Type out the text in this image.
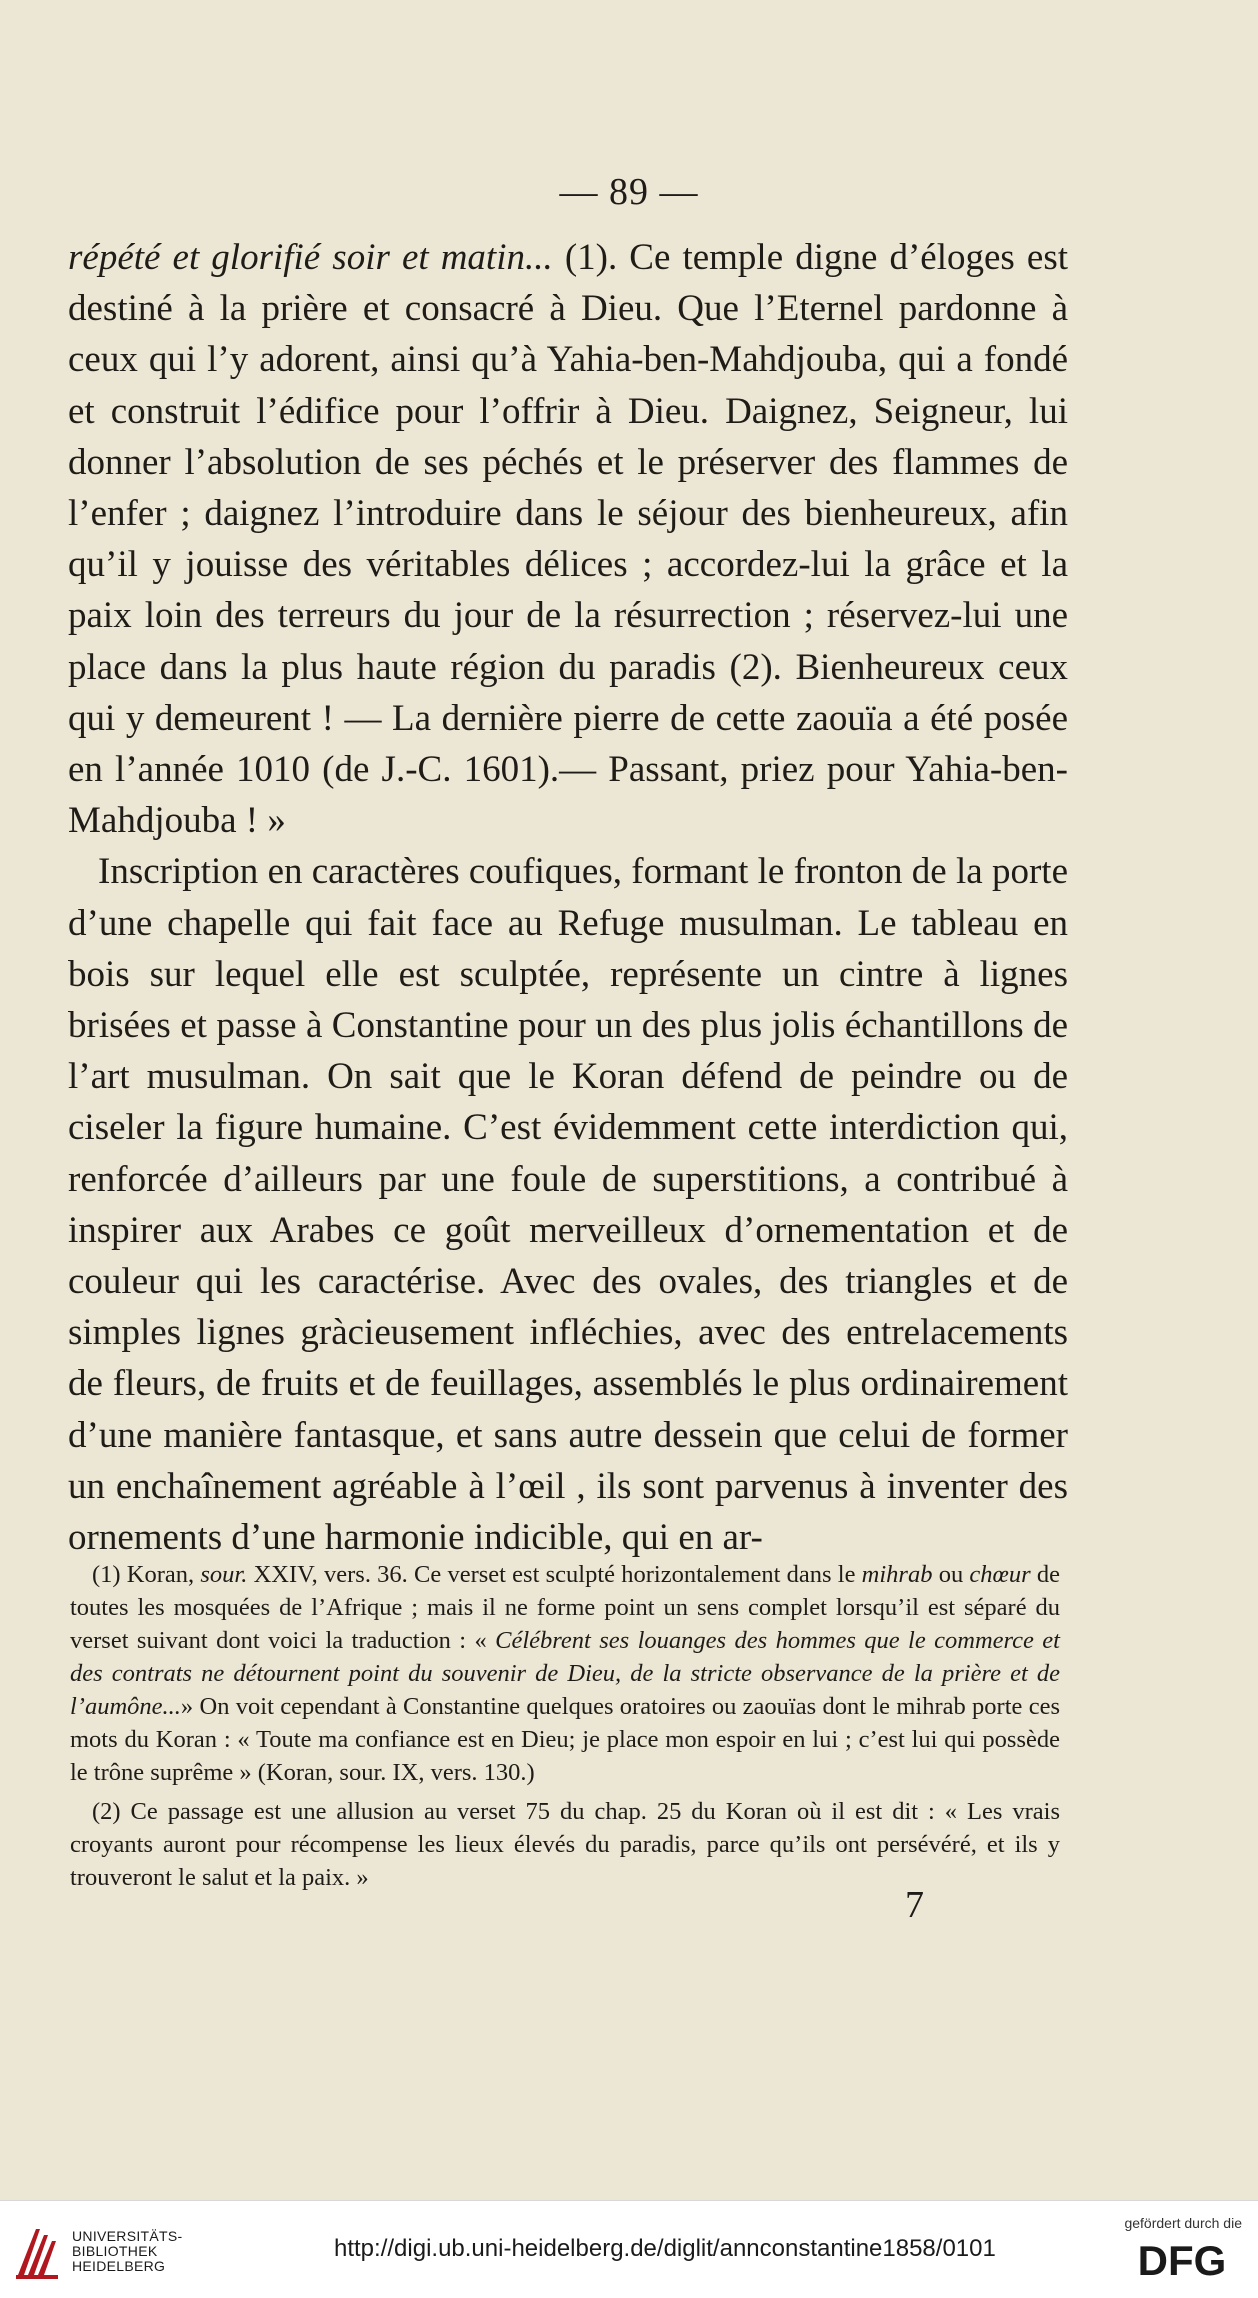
— 89 —

répété et glorifié soir et matin... (1). Ce temple digne d’éloges est destiné à la prière et consacré à Dieu. Que l’Eternel pardonne à ceux qui l’y adorent, ainsi qu’à Yahia-ben-Mahdjouba, qui a fondé et construit l’édifice pour l’offrir à Dieu. Daignez, Seigneur, lui donner l’absolution de ses péchés et le préserver des flammes de l’enfer ; daignez l’introduire dans le séjour des bienheureux, afin qu’il y jouisse des véritables délices ; accordez-lui la grâce et la paix loin des terreurs du jour de la résurrection ; réservez-lui une place dans la plus haute région du paradis (2). Bienheureux ceux qui y demeurent ! — La dernière pierre de cette zaouïa a été posée en l’année 1010 (de J.-C. 1601).— Passant, priez pour Yahia-ben-Mahdjouba ! »

Inscription en caractères coufiques, formant le fronton de la porte d’une chapelle qui fait face au Refuge musulman. Le tableau en bois sur lequel elle est sculptée, représente un cintre à lignes brisées et passe à Constantine pour un des plus jolis échantillons de l’art musulman. On sait que le Koran défend de peindre ou de ciseler la figure humaine. C’est évidemment cette interdiction qui, renforcée d’ailleurs par une foule de superstitions, a contribué à inspirer aux Arabes ce goût merveilleux d’ornementation et de couleur qui les caractérise. Avec des ovales, des triangles et de simples lignes gràcieusement infléchies, avec des entrelacements de fleurs, de fruits et de feuillages, assemblés le plus ordinairement d’une manière fantasque, et sans autre dessein que celui de former un enchaînement agréable à l’œil , ils sont parvenus à inventer des ornements d’une harmonie indicible, qui en ar-

(1) Koran, sour. XXIV, vers. 36. Ce verset est sculpté horizontalement dans le mihrab ou chœur de toutes les mosquées de l’Afrique ; mais il ne forme point un sens complet lorsqu’il est séparé du verset suivant dont voici la traduction : « Célébrent ses louanges des hommes que le commerce et des contrats ne détournent point du souvenir de Dieu, de la stricte observance de la prière et de l’aumône...» On voit cependant à Constantine quelques oratoires ou zaouïas dont le mihrab porte ces mots du Koran : « Toute ma confiance est en Dieu; je place mon espoir en lui ; c’est lui qui possède le trône suprême » (Koran, sour. IX, vers. 130.)

(2) Ce passage est une allusion au verset 75 du chap. 25 du Koran où il est dit : « Les vrais croyants auront pour récompense les lieux élevés du paradis, parce qu’ils ont persévéré, et ils y trouveront le salut et la paix. »

7
UNIVERSITÄTS-
BIBLIOTHEK
HEIDELBERG
http://digi.ub.uni-heidelberg.de/diglit/annconstantine1858/0101
gefördert durch die
DFG
